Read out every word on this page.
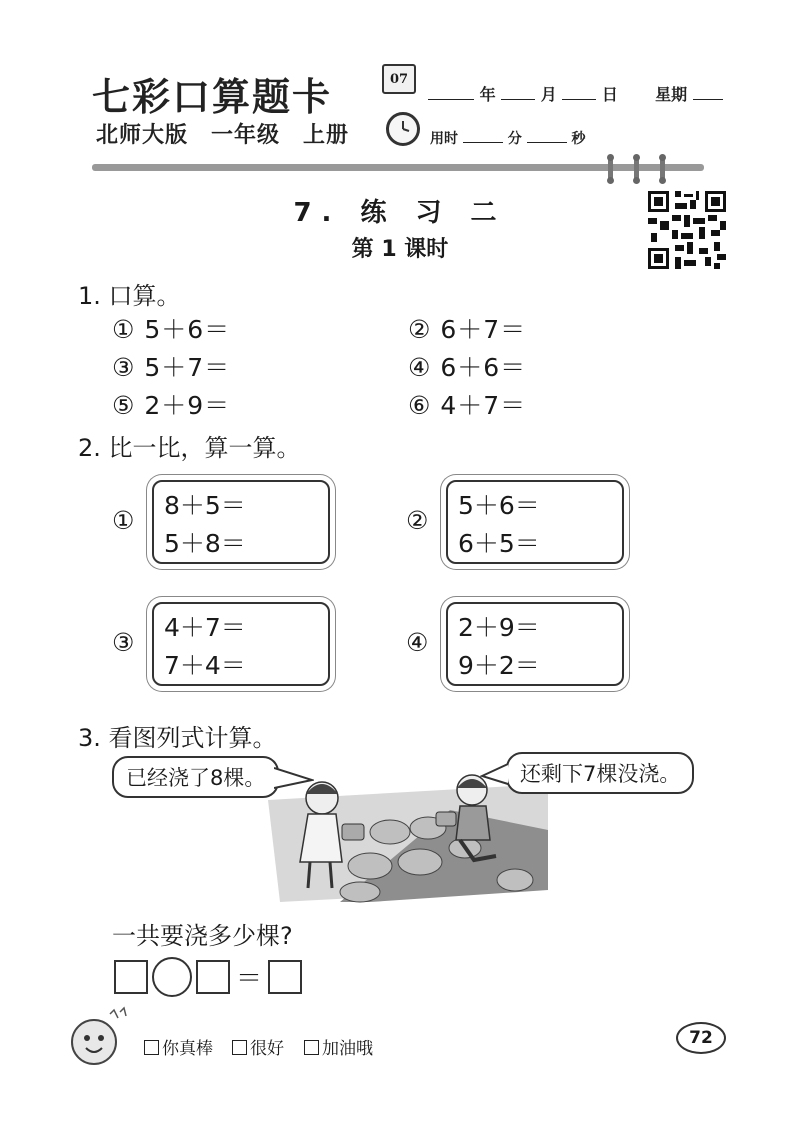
七彩口算题卡	07
年	月	日 星期
北师大版　一年级　上册	用时	分	秒
7. 练 习 二
第 1 课时
1. 口算。
① 5＋6＝	② 6＋7＝
③ 5＋7＝	④ 6＋6＝
⑤ 2＋9＝	⑥ 4＋7＝
2. 比一比，算一算。
①
8＋5＝
5＋8＝
②
5＋6＝
6＋5＝
③
4＋7＝
7＋4＝
④
2＋9＝
9＋2＝
3. 看图列式计算。
已经浇了8棵。	还剩下7棵没浇。
一共要浇多少棵?
＝
你真棒	很好	加油哦
72
